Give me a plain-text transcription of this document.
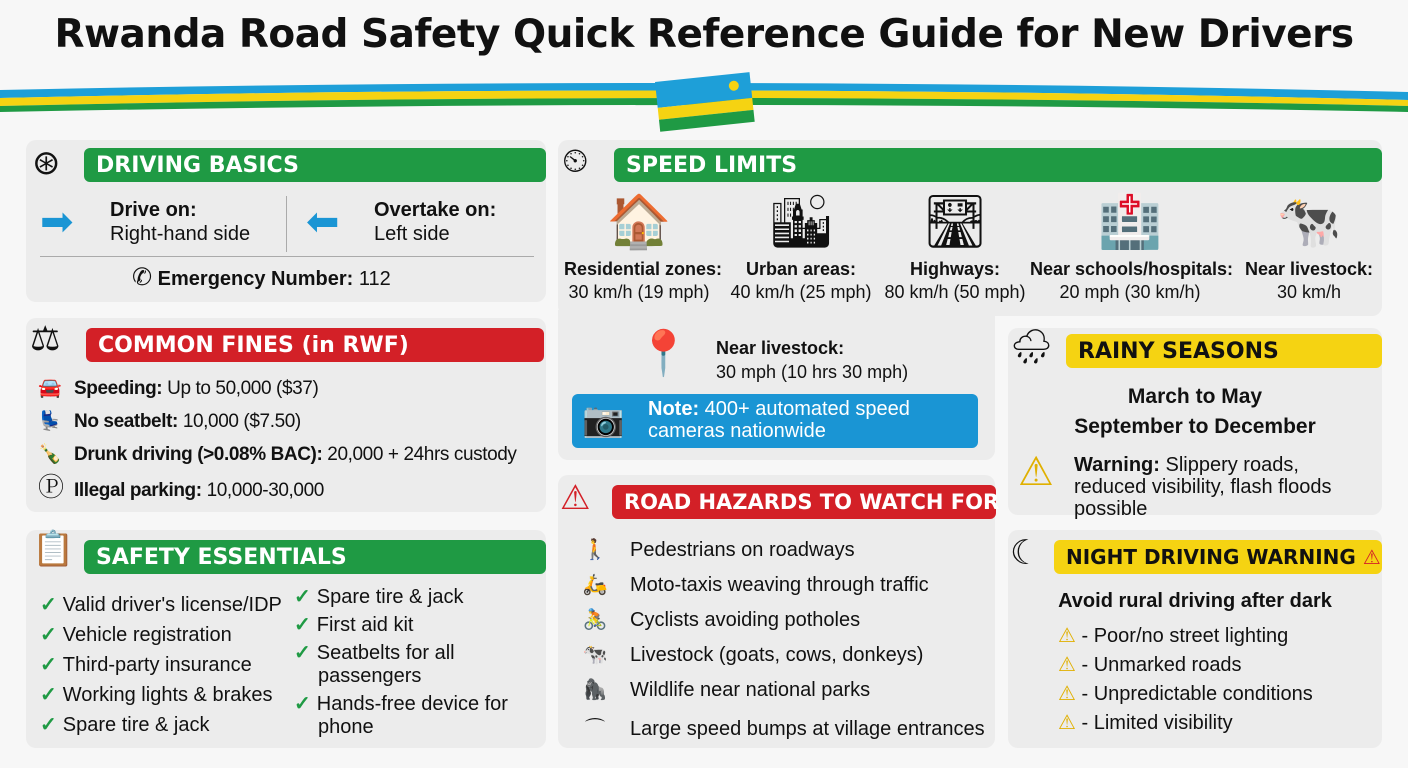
Rwanda Road Safety Quick Reference Guide for New Drivers
⊛	DRIVING BASICS
➡ Drive on:
Right-hand side ➡ Overtake on:
Left side
✆ Emergency Number: 112
⚖	COMMON FINES (in RWF)
🚘 Speeding: Up to 50,000 ($37)
💺 No seatbelt: 10,000 ($7.50)
🍾 Drunk driving (>0.08% BAC): 20,000 + 24hrs custody
Ⓟ Illegal parking: 10,000-30,000
📋 SAFETY ESSENTIALS
✓ Valid driver's license/IDP
✓ Vehicle registration
✓ Third-party insurance
✓ Working lights & brakes
✓ Spare tire & jack
✓ Spare tire & jack
✓ First aid kit
✓ Seatbelts for all passengers
✓ Hands-free device for phone
⏲	SPEED LIMITS
🏠
Residential zones:
30 km/h (19 mph)
🏙
Urban areas:
40 km/h (25 mph)
🛣
Highways:
80 km/h (50 mph)
🏥
Near schools/hospitals:
20 mph (30 km/h)
🐄
Near livestock:
30 km/h
📍 Near livestock:
30 mph (10 hrs 30 mph)
📷 Note: 400+ automated speed cameras nationwide
⚠	ROAD HAZARDS TO WATCH FOR
🚶 Pedestrians on roadways
🛵 Moto-taxis weaving through traffic
🚴 Cyclists avoiding potholes
🐄 Livestock (goats, cows, donkeys)
🦍 Wildlife near national parks
⌒ Large speed bumps at village entrances
🌧	RAINY SEASONS
March to May
September to December
⚠ Warning: Slippery roads, reduced visibility, flash floods possible
☾	NIGHT DRIVING WARNING ⚠
Avoid rural driving after dark
⚠ - Poor/no street lighting
⚠ - Unmarked roads
⚠ - Unpredictable conditions
⚠ - Limited visibility
